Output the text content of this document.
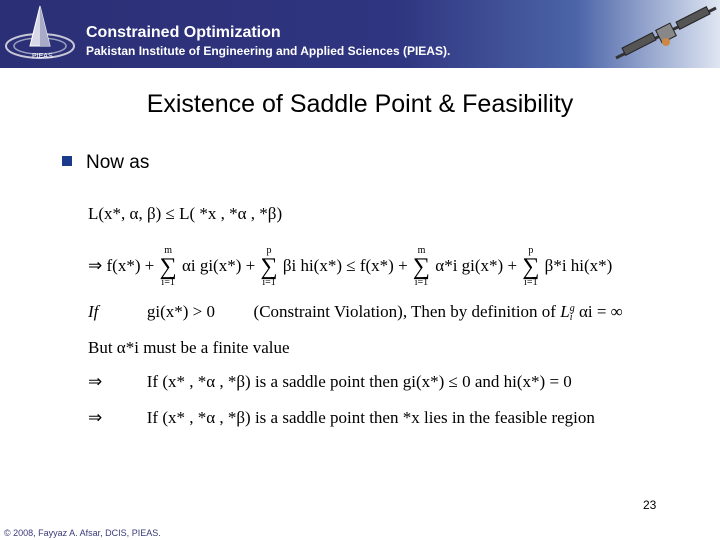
PIEAS
Constrained Optimization
Pakistan Institute of Engineering and Applied Sciences (PIEAS).
Existence of Saddle Point & Feasibility
Now as
L(x*, α, β) ≤ L( *x , *α , *β)
⇒ f(x*) +
m
∑
i=1
αi gi(x*) +
p
∑
i=1
βi hi(x*) ≤ f(x*) +
m
∑
i=1
α*i gi(x*) +
p
∑
i=1
β*i hi(x*)
If	gi(x*) > 0 (Constraint Violation), Then by definition of L g
i αi = ∞
But α*i must be a finite value
⇒	If (x* , *α , *β) is a saddle point then gi(x*) ≤ 0 and hi(x*) = 0
⇒	If (x* , *α , *β) is a saddle point then *x lies in the feasible region
23
© 2008, Fayyaz A. Afsar, DCIS, PIEAS.
